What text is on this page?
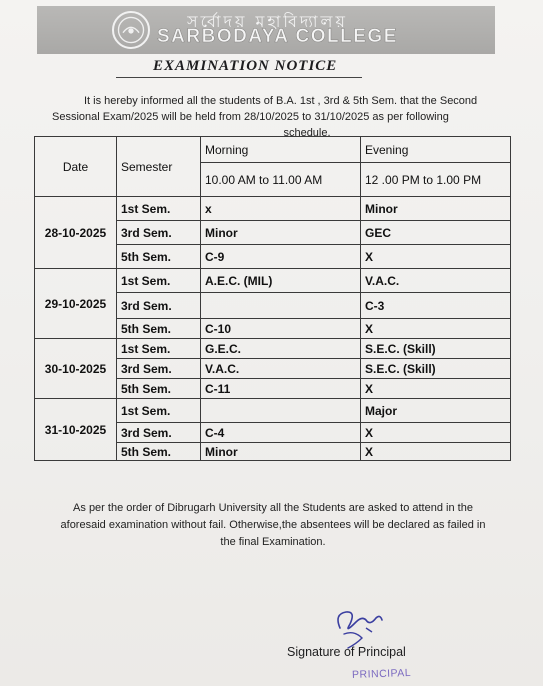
সর্বোদয় মহাবিদ্যালয়
SARBODAYA COLLEGE
EXAMINATION NOTICE
It is hereby informed all the students of B.A. 1st , 3rd & 5th Sem. that the Second
Sessional Exam/2025 will be held from 28/10/2025 to 31/10/2025 as per following
schedule.
Date	Semester	Morning	Evening
		10.00 AM to 11.00 AM	12 .00 PM to 1.00 PM
28-10-2025	1st Sem.	x	Minor
	3rd Sem.	Minor	GEC
	5th Sem.	C-9	X
29-10-2025	1st Sem.	A.E.C. (MIL)	V.A.C.
	3rd Sem.		C-3
	5th Sem.	C-10	X
30-10-2025	1st Sem.	G.E.C.	S.E.C. (Skill)
	3rd Sem.	V.A.C.	S.E.C. (Skill)
	5th Sem.	C-11	X
31-10-2025	1st Sem.		Major
	3rd Sem.	C-4	X
	5th Sem.	Minor	X
As per the order of Dibrugarh University all the Students are asked to attend in the
aforesaid examination without fail. Otherwise,the absentees will be declared as failed in
the final Examination.
Signature of Principal
PRINCIPAL
